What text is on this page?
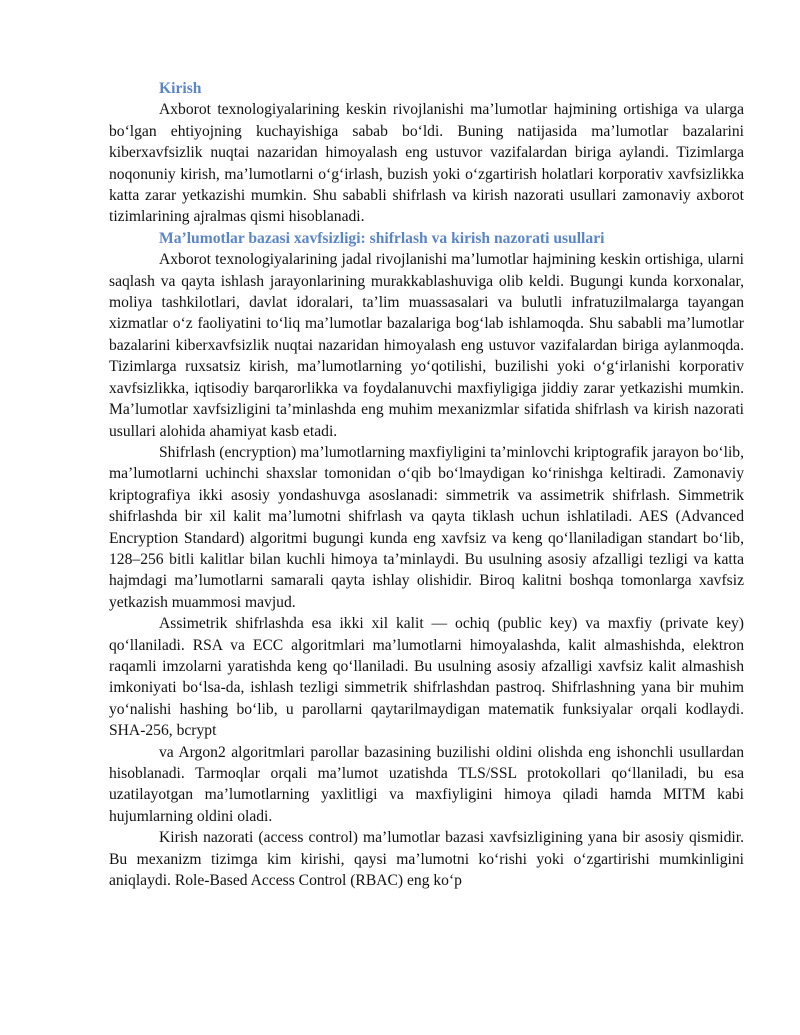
Kirish

Axborot texnologiyalarining keskin rivojlanishi ma’lumotlar hajmining ortishiga va ularga bo‘lgan ehtiyojning kuchayishiga sabab bo‘ldi. Buning natijasida ma’lumotlar bazalarini kiberxavfsizlik nuqtai nazaridan himoyalash eng ustuvor vazifalardan biriga aylandi. Tizimlarga noqonuniy kirish, ma’lumotlarni o‘g‘irlash, buzish yoki o‘zgartirish holatlari korporativ xavfsizlikka katta zarar yetkazishi mumkin. Shu sababli shifrlash va kirish nazorati usullari zamonaviy axborot tizimlarining ajralmas qismi hisoblanadi.

Ma’lumotlar bazasi xavfsizligi: shifrlash va kirish nazorati usullari

Axborot texnologiyalarining jadal rivojlanishi ma’lumotlar hajmining keskin ortishiga, ularni saqlash va qayta ishlash jarayonlarining murakkablashuviga olib keldi. Bugungi kunda korxonalar, moliya tashkilotlari, davlat idoralari, ta’lim muassasalari va bulutli infratuzilmalarga tayangan xizmatlar o‘z faoliyatini to‘liq ma’lumotlar bazalariga bog‘lab ishlamoqda. Shu sababli ma’lumotlar bazalarini kiberxavfsizlik nuqtai nazaridan himoyalash eng ustuvor vazifalardan biriga aylanmoqda. Tizimlarga ruxsatsiz kirish, ma’lumotlarning yo‘qotilishi, buzilishi yoki o‘g‘irlanishi korporativ xavfsizlikka, iqtisodiy barqarorlikka va foydalanuvchi maxfiyligiga jiddiy zarar yetkazishi mumkin. Ma’lumotlar xavfsizligini ta’minlashda eng muhim mexanizmlar sifatida shifrlash va kirish nazorati usullari alohida ahamiyat kasb etadi.

Shifrlash (encryption) ma’lumotlarning maxfiyligini ta’minlovchi kriptografik jarayon bo‘lib, ma’lumotlarni uchinchi shaxslar tomonidan o‘qib bo‘lmaydigan ko‘rinishga keltiradi. Zamonaviy kriptografiya ikki asosiy yondashuvga asoslanadi: simmetrik va assimetrik shifrlash. Simmetrik shifrlashda bir xil kalit ma’lumotni shifrlash va qayta tiklash uchun ishlatiladi. AES (Advanced Encryption Standard) algoritmi bugungi kunda eng xavfsiz va keng qo‘llaniladigan standart bo‘lib, 128–256 bitli kalitlar bilan kuchli himoya ta’minlaydi. Bu usulning asosiy afzalligi tezligi va katta hajmdagi ma’lumotlarni samarali qayta ishlay olishidir. Biroq kalitni boshqa tomonlarga xavfsiz yetkazish muammosi mavjud.

Assimetrik shifrlashda esa ikki xil kalit — ochiq (public key) va maxfiy (private key) qo‘llaniladi. RSA va ECC algoritmlari ma’lumotlarni himoyalashda, kalit almashishda, elektron raqamli imzolarni yaratishda keng qo‘llaniladi. Bu usulning asosiy afzalligi xavfsiz kalit almashish imkoniyati bo‘lsa-da, ishlash tezligi simmetrik shifrlashdan pastroq. Shifrlashning yana bir muhim yo‘nalishi hashing bo‘lib, u parollarni qaytarilmaydigan matematik funksiyalar orqali kodlaydi. SHA-256, bcrypt

va Argon2 algoritmlari parollar bazasining buzilishi oldini olishda eng ishonchli usullardan hisoblanadi. Tarmoqlar orqali ma’lumot uzatishda TLS/SSL protokollari qo‘llaniladi, bu esa uzatilayotgan ma’lumotlarning yaxlitligi va maxfiyligini himoya qiladi hamda MITM kabi hujumlarning oldini oladi.

Kirish nazorati (access control) ma’lumotlar bazasi xavfsizligining yana bir asosiy qismidir. Bu mexanizm tizimga kim kirishi, qaysi ma’lumotni ko‘rishi yoki o‘zgartirishi mumkinligini aniqlaydi. Role-Based Access Control (RBAC) eng ko‘p
